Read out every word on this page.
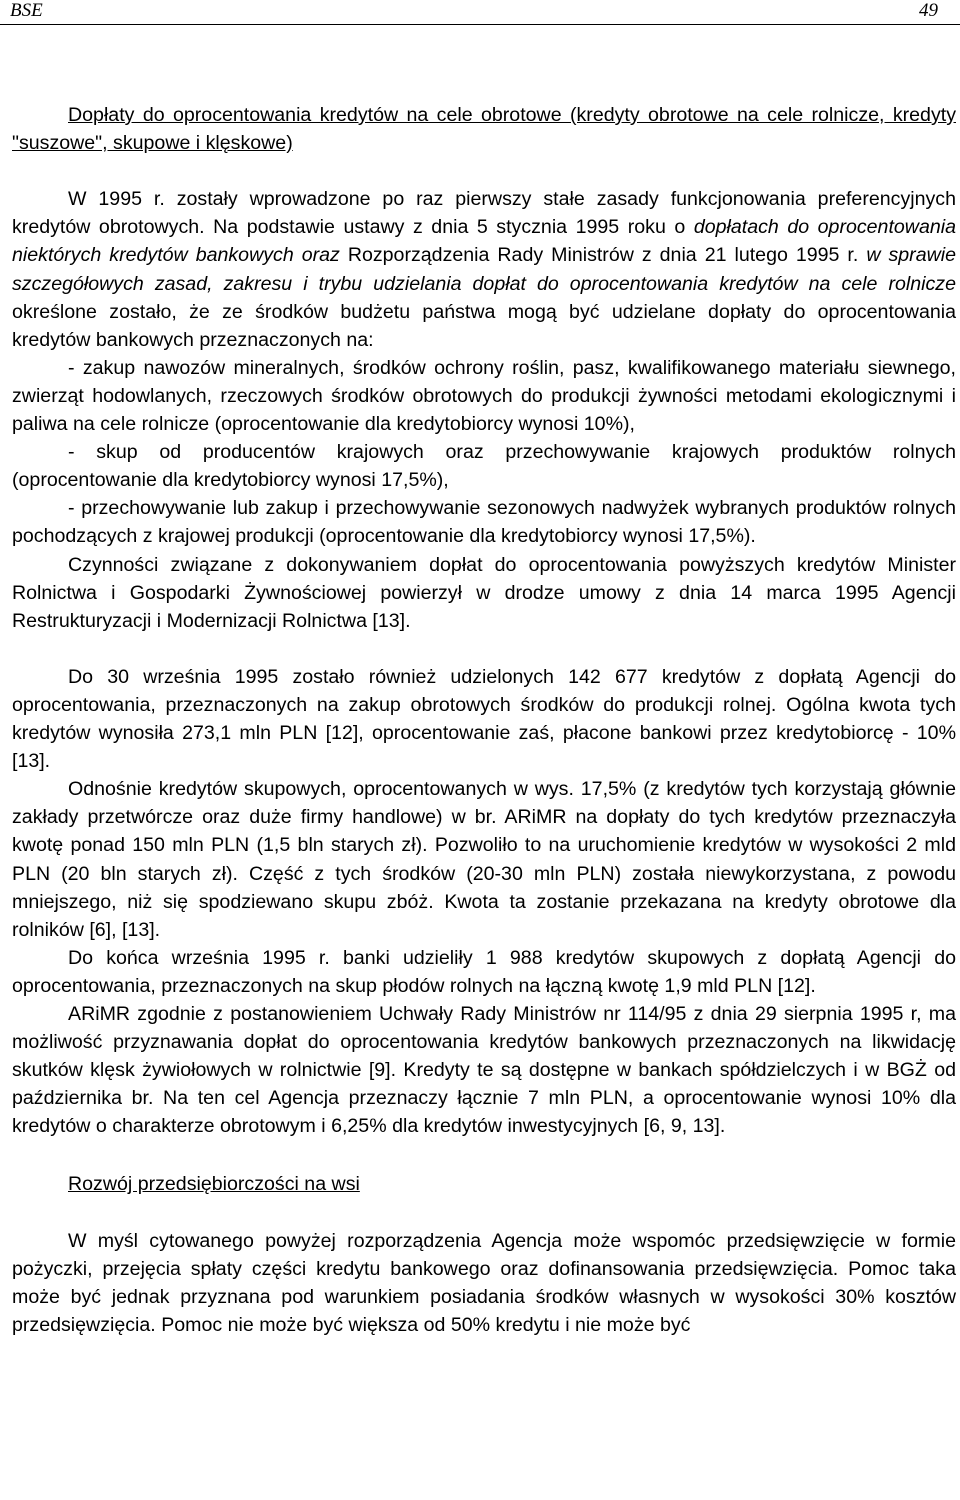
BSE	49

Dopłaty do oprocentowania kredytów na cele obrotowe (kredyty obrotowe na cele rolnicze, kredyty "suszowe", skupowe i klęskowe)

W 1995 r. zostały wprowadzone po raz pierwszy stałe zasady funkcjonowania preferencyjnych kredytów obrotowych. Na podstawie ustawy z dnia 5 stycznia 1995 roku o dopłatach do oprocentowania niektórych kredytów bankowych oraz Rozporządzenia Rady Ministrów z dnia 21 lutego 1995 r. w sprawie szczegółowych zasad, zakresu i trybu udzielania dopłat do oprocentowania kredytów na cele rolnicze określone zostało, że ze środków budżetu państwa mogą być udzielane dopłaty do oprocentowania kredytów bankowych przeznaczonych na:

- zakup nawozów mineralnych, środków ochrony roślin, pasz, kwalifikowanego materiału siewnego, zwierząt hodowlanych, rzeczowych środków obrotowych do produkcji żywności metodami ekologicznymi i paliwa na cele rolnicze (oprocentowanie dla kredytobiorcy wynosi 10%),

- skup od producentów krajowych oraz przechowywanie krajowych produktów rolnych (oprocentowanie dla kredytobiorcy wynosi 17,5%),

- przechowywanie lub zakup i przechowywanie sezonowych nadwyżek wybranych produktów rolnych pochodzących z krajowej produkcji (oprocentowanie dla kredytobiorcy wynosi 17,5%).

Czynności związane z dokonywaniem dopłat do oprocentowania powyższych kredytów Minister Rolnictwa i Gospodarki Żywnościowej powierzył w drodze umowy z dnia 14 marca 1995 Agencji Restrukturyzacji i Modernizacji Rolnictwa [13].

Do 30 września 1995 zostało również udzielonych 142 677 kredytów z dopłatą Agencji do oprocentowania, przeznaczonych na zakup obrotowych środków do produkcji rolnej. Ogólna kwota tych kredytów wynosiła 273,1 mln PLN [12], oprocentowanie zaś, płacone bankowi przez kredytobiorcę - 10% [13].

Odnośnie kredytów skupowych, oprocentowanych w wys. 17,5% (z kredytów tych korzystają głównie zakłady przetwórcze oraz duże firmy handlowe) w br. ARiMR na dopłaty do tych kredytów przeznaczyła kwotę ponad 150 mln PLN (1,5 bln starych zł). Pozwoliło to na uruchomienie kredytów w wysokości 2 mld PLN (20 bln starych zł). Część z tych środków (20-30 mln PLN) została niewykorzystana, z powodu mniejszego, niż się spodziewano skupu zbóż. Kwota ta zostanie przekazana na kredyty obrotowe dla rolników [6], [13].

Do końca września 1995 r. banki udzieliły 1 988 kredytów skupowych z dopłatą Agencji do oprocentowania, przeznaczonych na skup płodów rolnych na łączną kwotę 1,9 mld PLN [12].

ARiMR zgodnie z postanowieniem Uchwały Rady Ministrów nr 114/95 z dnia 29 sierpnia 1995 r, ma możliwość przyznawania dopłat do oprocentowania kredytów bankowych przeznaczonych na likwidację skutków klęsk żywiołowych w rolnictwie [9]. Kredyty te są dostępne w bankach spółdzielczych i w BGŻ od października br. Na ten cel Agencja przeznaczy łącznie 7 mln PLN, a oprocentowanie wynosi 10% dla kredytów o charakterze obrotowym i 6,25% dla kredytów inwestycyjnych [6, 9, 13].

Rozwój przedsiębiorczości na wsi

W myśl cytowanego powyżej rozporządzenia Agencja może wspomóc przedsięwzięcie w formie pożyczki, przejęcia spłaty części kredytu bankowego oraz dofinansowania przedsięwzięcia. Pomoc taka może być jednak przyznana pod warunkiem posiadania środków własnych w wysokości 30% kosztów przedsięwzięcia. Pomoc nie może być większa od 50% kredytu i nie może być
